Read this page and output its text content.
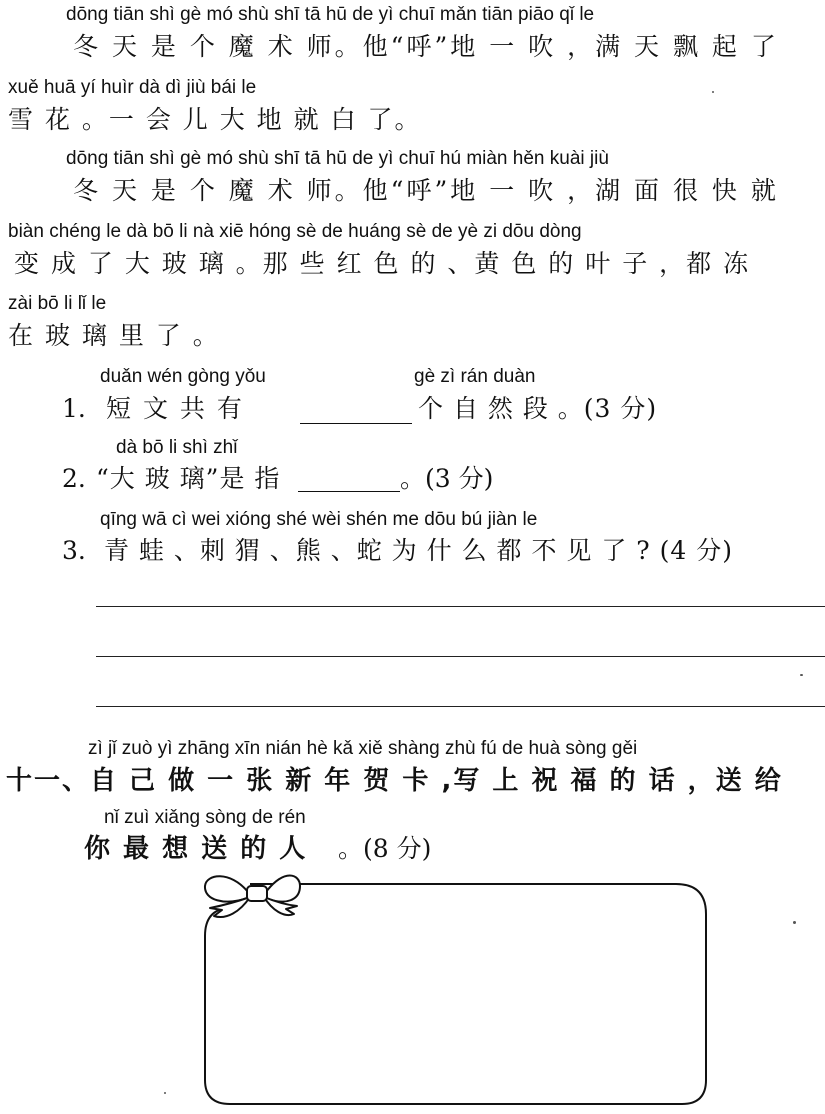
dōng tiān shì gè mó shù shī tā hū de yì chuī mǎn tiān piāo qǐ le
冬 天 是 个 魔 术 师。他“呼”地 一 吹 ，满 天 飘 起 了
xuě huā yí huìr dà dì jiù bái le
雪 花 。一 会 儿 大 地 就 白 了。
dōng tiān shì gè mó shù shī tā hū de yì chuī hú miàn hěn kuài jiù
冬 天 是 个 魔 术 师。他“呼”地 一 吹 ，湖 面 很 快 就
biàn chéng le dà bō li nà xiē hóng sè de huáng sè de yè zi dōu dòng
变 成 了 大 玻 璃 。那 些 红 色 的 、黄 色 的 叶 子 ，都 冻
zài bō li lǐ le
在 玻 璃 里 了 。
duǎn wén gòng yǒu	gè zì rán duàn
1. 短 文 共 有	个 自 然 段 。(3 分)
dà bō li shì zhǐ
2. “大 玻 璃”是 指	。(3 分)
qīng wā cì wei xióng shé wèi shén me dōu bú jiàn le
3. 青 蛙 、刺 猬 、熊 、蛇 为 什 么 都 不 见 了 ? (4 分)
zì jǐ zuò yì zhāng xīn nián hè kǎ xiě shàng zhù fú de huà sòng gěi
十一、自 己 做 一 张 新 年 贺 卡 ,写 上 祝 福 的 话 ，送 给
nǐ zuì xiǎng sòng de rén
你 最 想 送 的 人 。(8 分)
